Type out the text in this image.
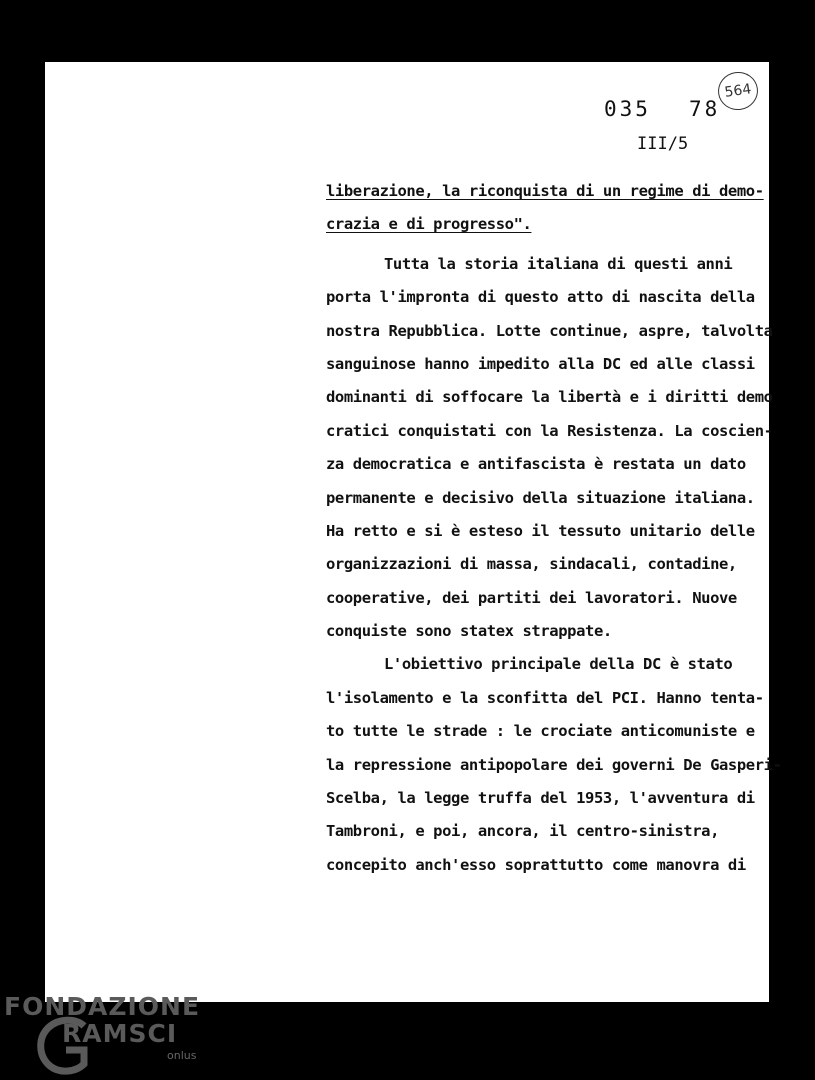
035 78
564
III/5
liberazione, la riconquista di un regime di demo-
crazia e di progresso".
Tutta la storia italiana di questi anni
porta l'impronta di questo atto di nascita della
nostra Repubblica. Lotte continue, aspre, talvolta
sanguinose hanno impedito alla DC ed alle classi
dominanti di soffocare la libertà e i diritti demo
cratici conquistati con la Resistenza. La coscien-
za democratica e antifascista è restata un dato
permanente e decisivo della situazione italiana.
Ha retto e si è esteso il tessuto unitario delle
organizzazioni di massa, sindacali, contadine,
cooperative, dei partiti dei lavoratori. Nuove
conquiste sono statex strappate.
L'obiettivo principale della DC è stato
l'isolamento e la sconfitta del PCI. Hanno tenta-
to tutte le strade : le crociate anticomuniste e
la repressione antipopolare dei governi De Gasperi-
Scelba, la legge truffa del 1953, l'avventura di
Tambroni, e poi, ancora, il centro-sinistra,
concepito anch'esso soprattutto come manovra di
FONDAZIONE
RAMSCI
onlus
